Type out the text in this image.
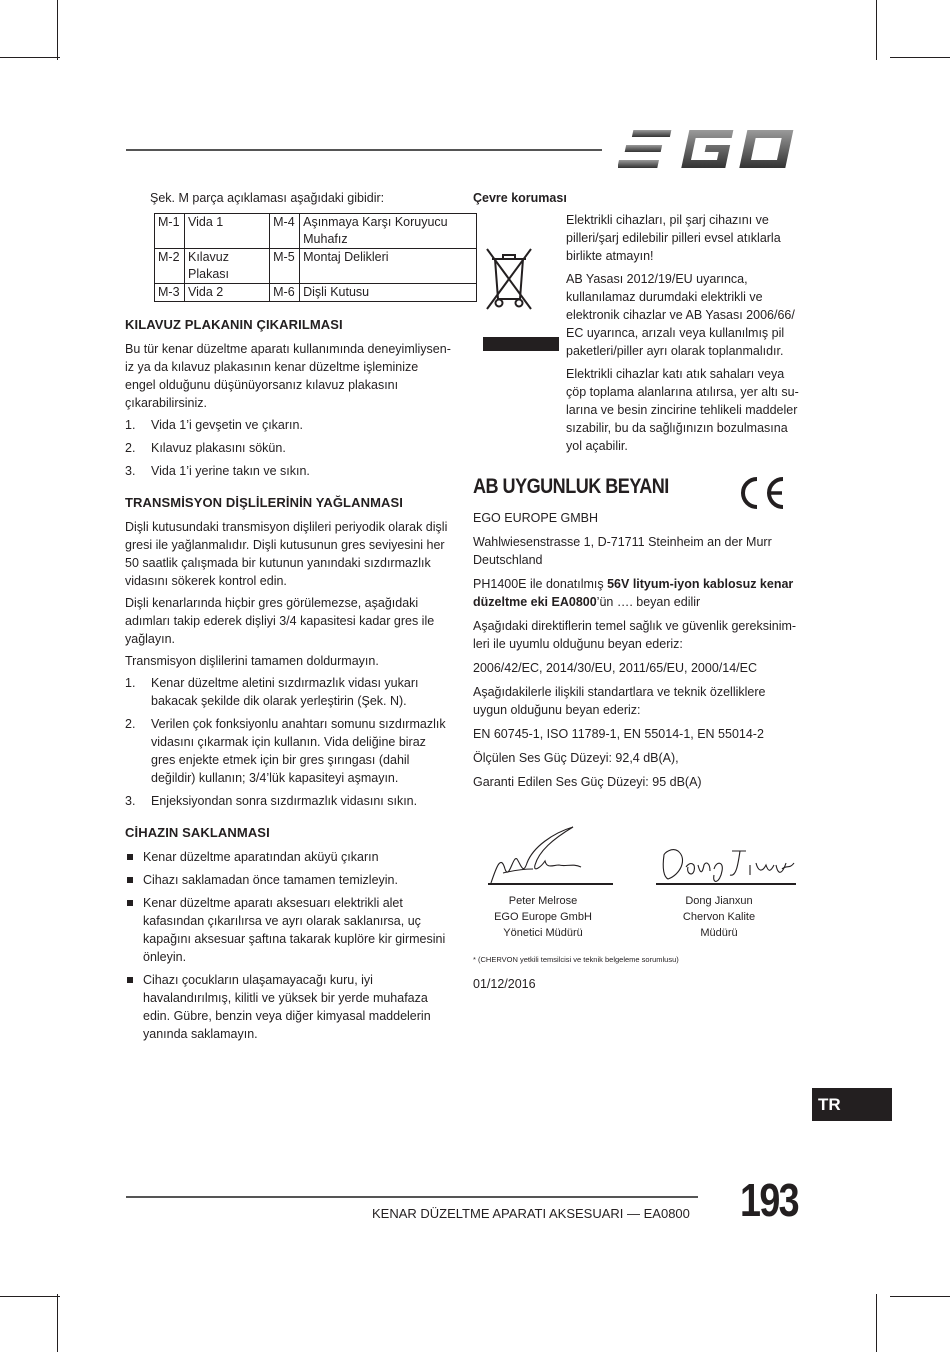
Şek. M parça açıklaması aşağıdaki gibidir:

M-1	Vida 1	M-4	Aşınmaya Karşı Koruyucu Muhafız
M-2	Kılavuz Plakası	M-5	Montaj Delikleri
M-3	Vida 2	M-6	Dişli Kutusu
KILAVUZ PLAKANIN ÇIKARILMASI

Bu tür kenar düzeltme aparatı kullanımında deneyimliysen-iz ya da kılavuz plakasının kenar düzeltme işleminize engel olduğunu düşünüyorsanız kılavuz plakasını çıkarabilirsiniz.

1. Vida 1’i gevşetin ve çıkarın.
2. Kılavuz plakasını sökün.
3. Vida 1’i yerine takın ve sıkın.
TRANSMİSYON DİŞLİLERİNİN YAĞLANMASI

Dişli kutusundaki transmisyon dişlileri periyodik olarak dişli gresi ile yağlanmalıdır. Dişli kutusunun gres seviyesini her 50 saatlik çalışmada bir kutunun yanındaki sızdırmazlık vidasını sökerek kontrol edin.

Dişli kenarlarında hiçbir gres görülemezse, aşağıdaki adımları takip ederek dişliyi 3/4 kapasitesi kadar gres ile yağlayın.

Transmisyon dişlilerini tamamen doldurmayın.

1. Kenar düzeltme aletini sızdırmazlık vidası yukarı bakacak şekilde dik olarak yerleştirin (Şek. N).
2. Verilen çok fonksiyonlu anahtarı somunu sızdırmazlık vidasını çıkarmak için kullanın. Vida deliğine biraz gres enjekte etmek için bir gres şırıngası (dahil değildir) kullanın; 3/4’lük kapasiteyi aşmayın.
3. Enjeksiyondan sonra sızdırmazlık vidasını sıkın.
CİHAZIN SAKLANMASI
Kenar düzeltme aparatından aküyü çıkarın
Cihazı saklamadan önce tamamen temizleyin.
Kenar düzeltme aparatı aksesuarı elektrikli alet kafasından çıkarılırsa ve ayrı olarak saklanırsa, uç kapağını aksesuar şaftına takarak kuplöre kir girmesini önleyin.
Cihazı çocukların ulaşamayacağı kuru, iyi havalandırılmış, kilitli ve yüksek bir yerde muhafaza edin. Gübre, benzin veya diğer kimyasal maddelerin yanında saklamayın.
Çevre koruması

Elektrikli cihazları, pil şarj cihazını ve pilleri/şarj edilebilir pilleri evsel atıklarla birlikte atmayın!

AB Yasası 2012/19/EU uyarınca, kullanılamaz durumdaki elektrikli ve elektronik cihazlar ve AB Yasası 2006/66/ EC uyarınca, arızalı veya kullanılmış pil paketleri/piller ayrı olarak toplanmalıdır.

Elektrikli cihazlar katı atık sahaları veya çöp toplama alanlarına atılırsa, yer altı su-larına ve besin zincirine tehlikeli maddeler sızabilir, bu da sağlığınızın bozulmasına yol açabilir.

AB UYGUNLUK BEYANI

EGO EUROPE GMBH

Wahlwiesenstrasse 1, D-71711 Steinheim an der Murr Deutschland

PH1400E ile donatılmış 56V lityum-iyon kablosuz kenar düzeltme eki EA0800’ün …. beyan edilir

Aşağıdaki direktiflerin temel sağlık ve güvenlik gereksinim-leri ile uyumlu olduğunu beyan ederiz:

2006/42/EC, 2014/30/EU, 2011/65/EU, 2000/14/EC

Aşağıdakilerle ilişkili standartlara ve teknik özelliklere uygun olduğunu beyan ederiz:

EN 60745-1, ISO 11789-1, EN 55014-1, EN 55014-2

Ölçülen Ses Güç Düzeyi: 92,4 dB(A),

Garanti Edilen Ses Güç Düzeyi: 95 dB(A)

Peter Melrose
EGO Europe GmbH
Yönetici Müdürü
Dong Jianxun
Chervon Kalite
Müdürü
* (CHERVON yetkili temsilcisi ve teknik belgeleme sorumlusu)
01/12/2016
TR
KENAR DÜZELTME APARATI AKSESUARI — EA0800 193
